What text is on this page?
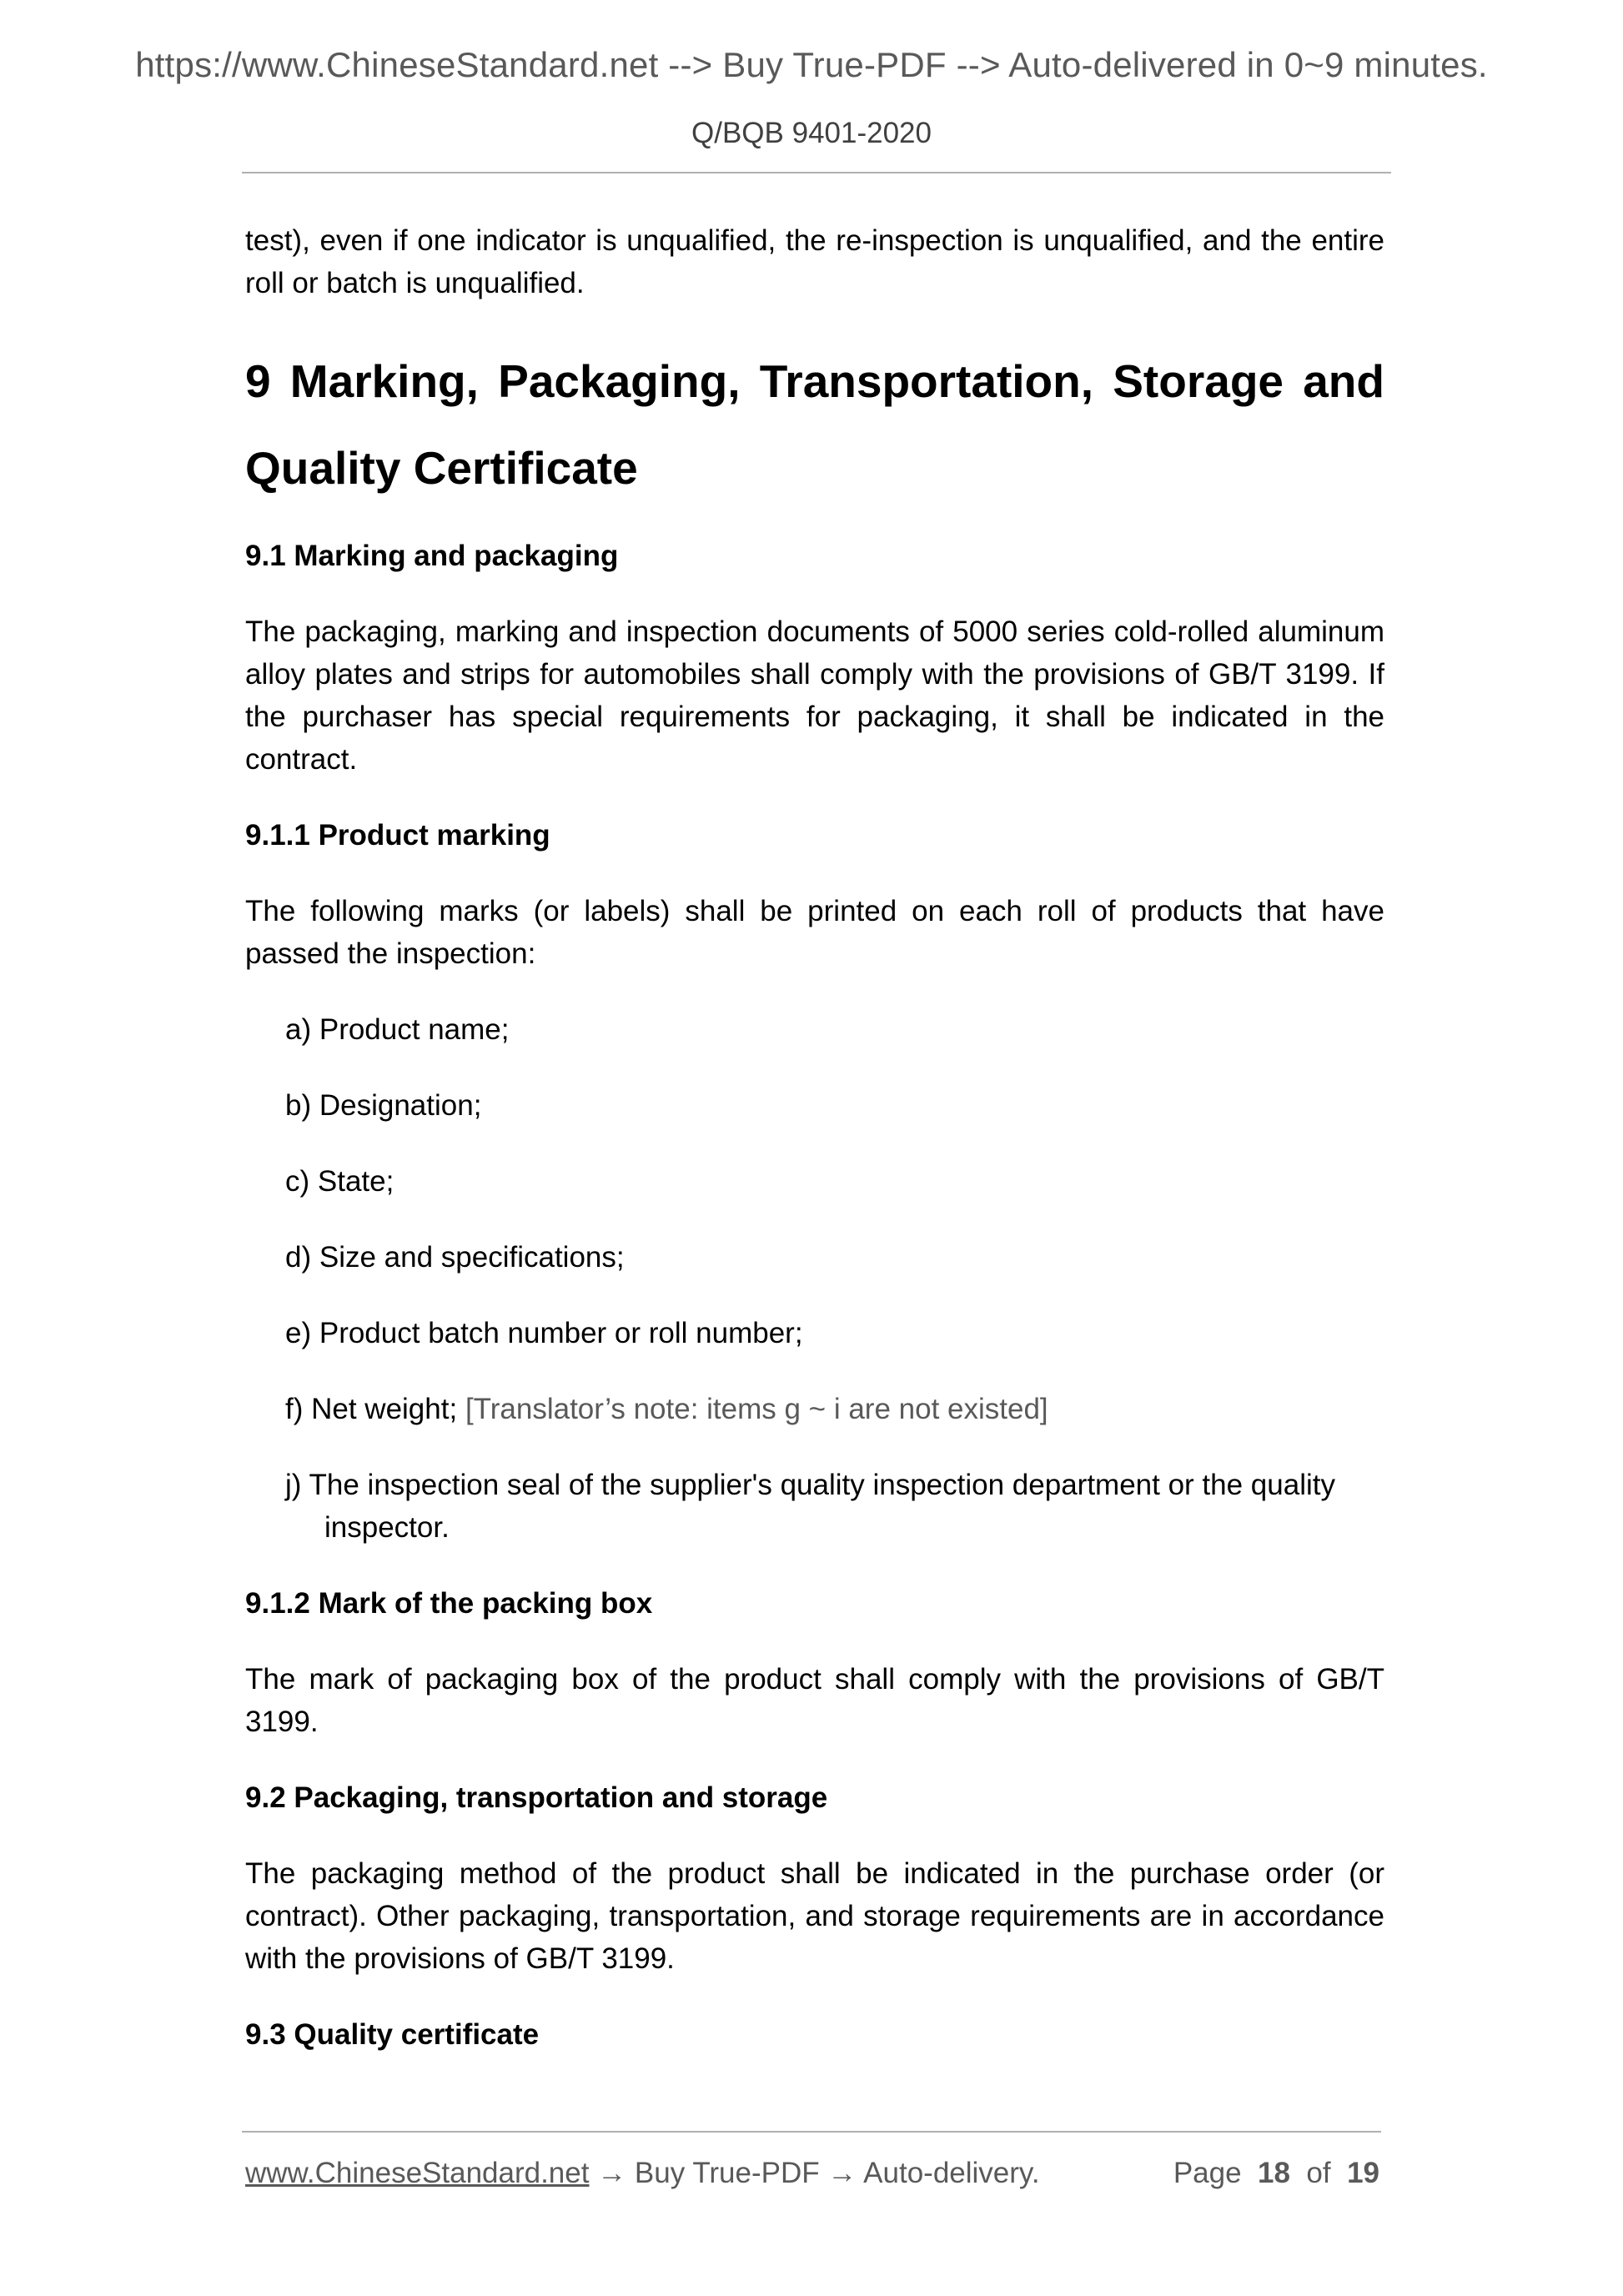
https://www.ChineseStandard.net --> Buy True-PDF --> Auto-delivered in 0~9 minutes.
Q/BQB 9401-2020

test), even if one indicator is unqualified, the re-inspection is unqualified, and the entire roll or batch is unqualified.

9 Marking, Packaging, Transportation, Storage and
Quality Certificate
9.1 Marking and packaging

The packaging, marking and inspection documents of 5000 series cold-rolled aluminum alloy plates and strips for automobiles shall comply with the provisions of GB/T 3199. If the purchaser has special requirements for packaging, it shall be indicated in the contract.

9.1.1 Product marking

The following marks (or labels) shall be printed on each roll of products that have passed the inspection:

a) Product name;
b) Designation;
c) State;
d) Size and specifications;
e) Product batch number or roll number;
f) Net weight; [Translator’s note: items g ~ i are not existed]
j) The inspection seal of the supplier's quality inspection department or the quality inspector.
9.1.2 Mark of the packing box

The mark of packaging box of the product shall comply with the provisions of GB/T 3199.

9.2 Packaging, transportation and storage

The packaging method of the product shall be indicated in the purchase order (or contract). Other packaging, transportation, and storage requirements are in accordance with the provisions of GB/T 3199.

9.3 Quality certificate
www.ChineseStandard.net → Buy True-PDF → Auto-delivery.	Page 18 of 19
